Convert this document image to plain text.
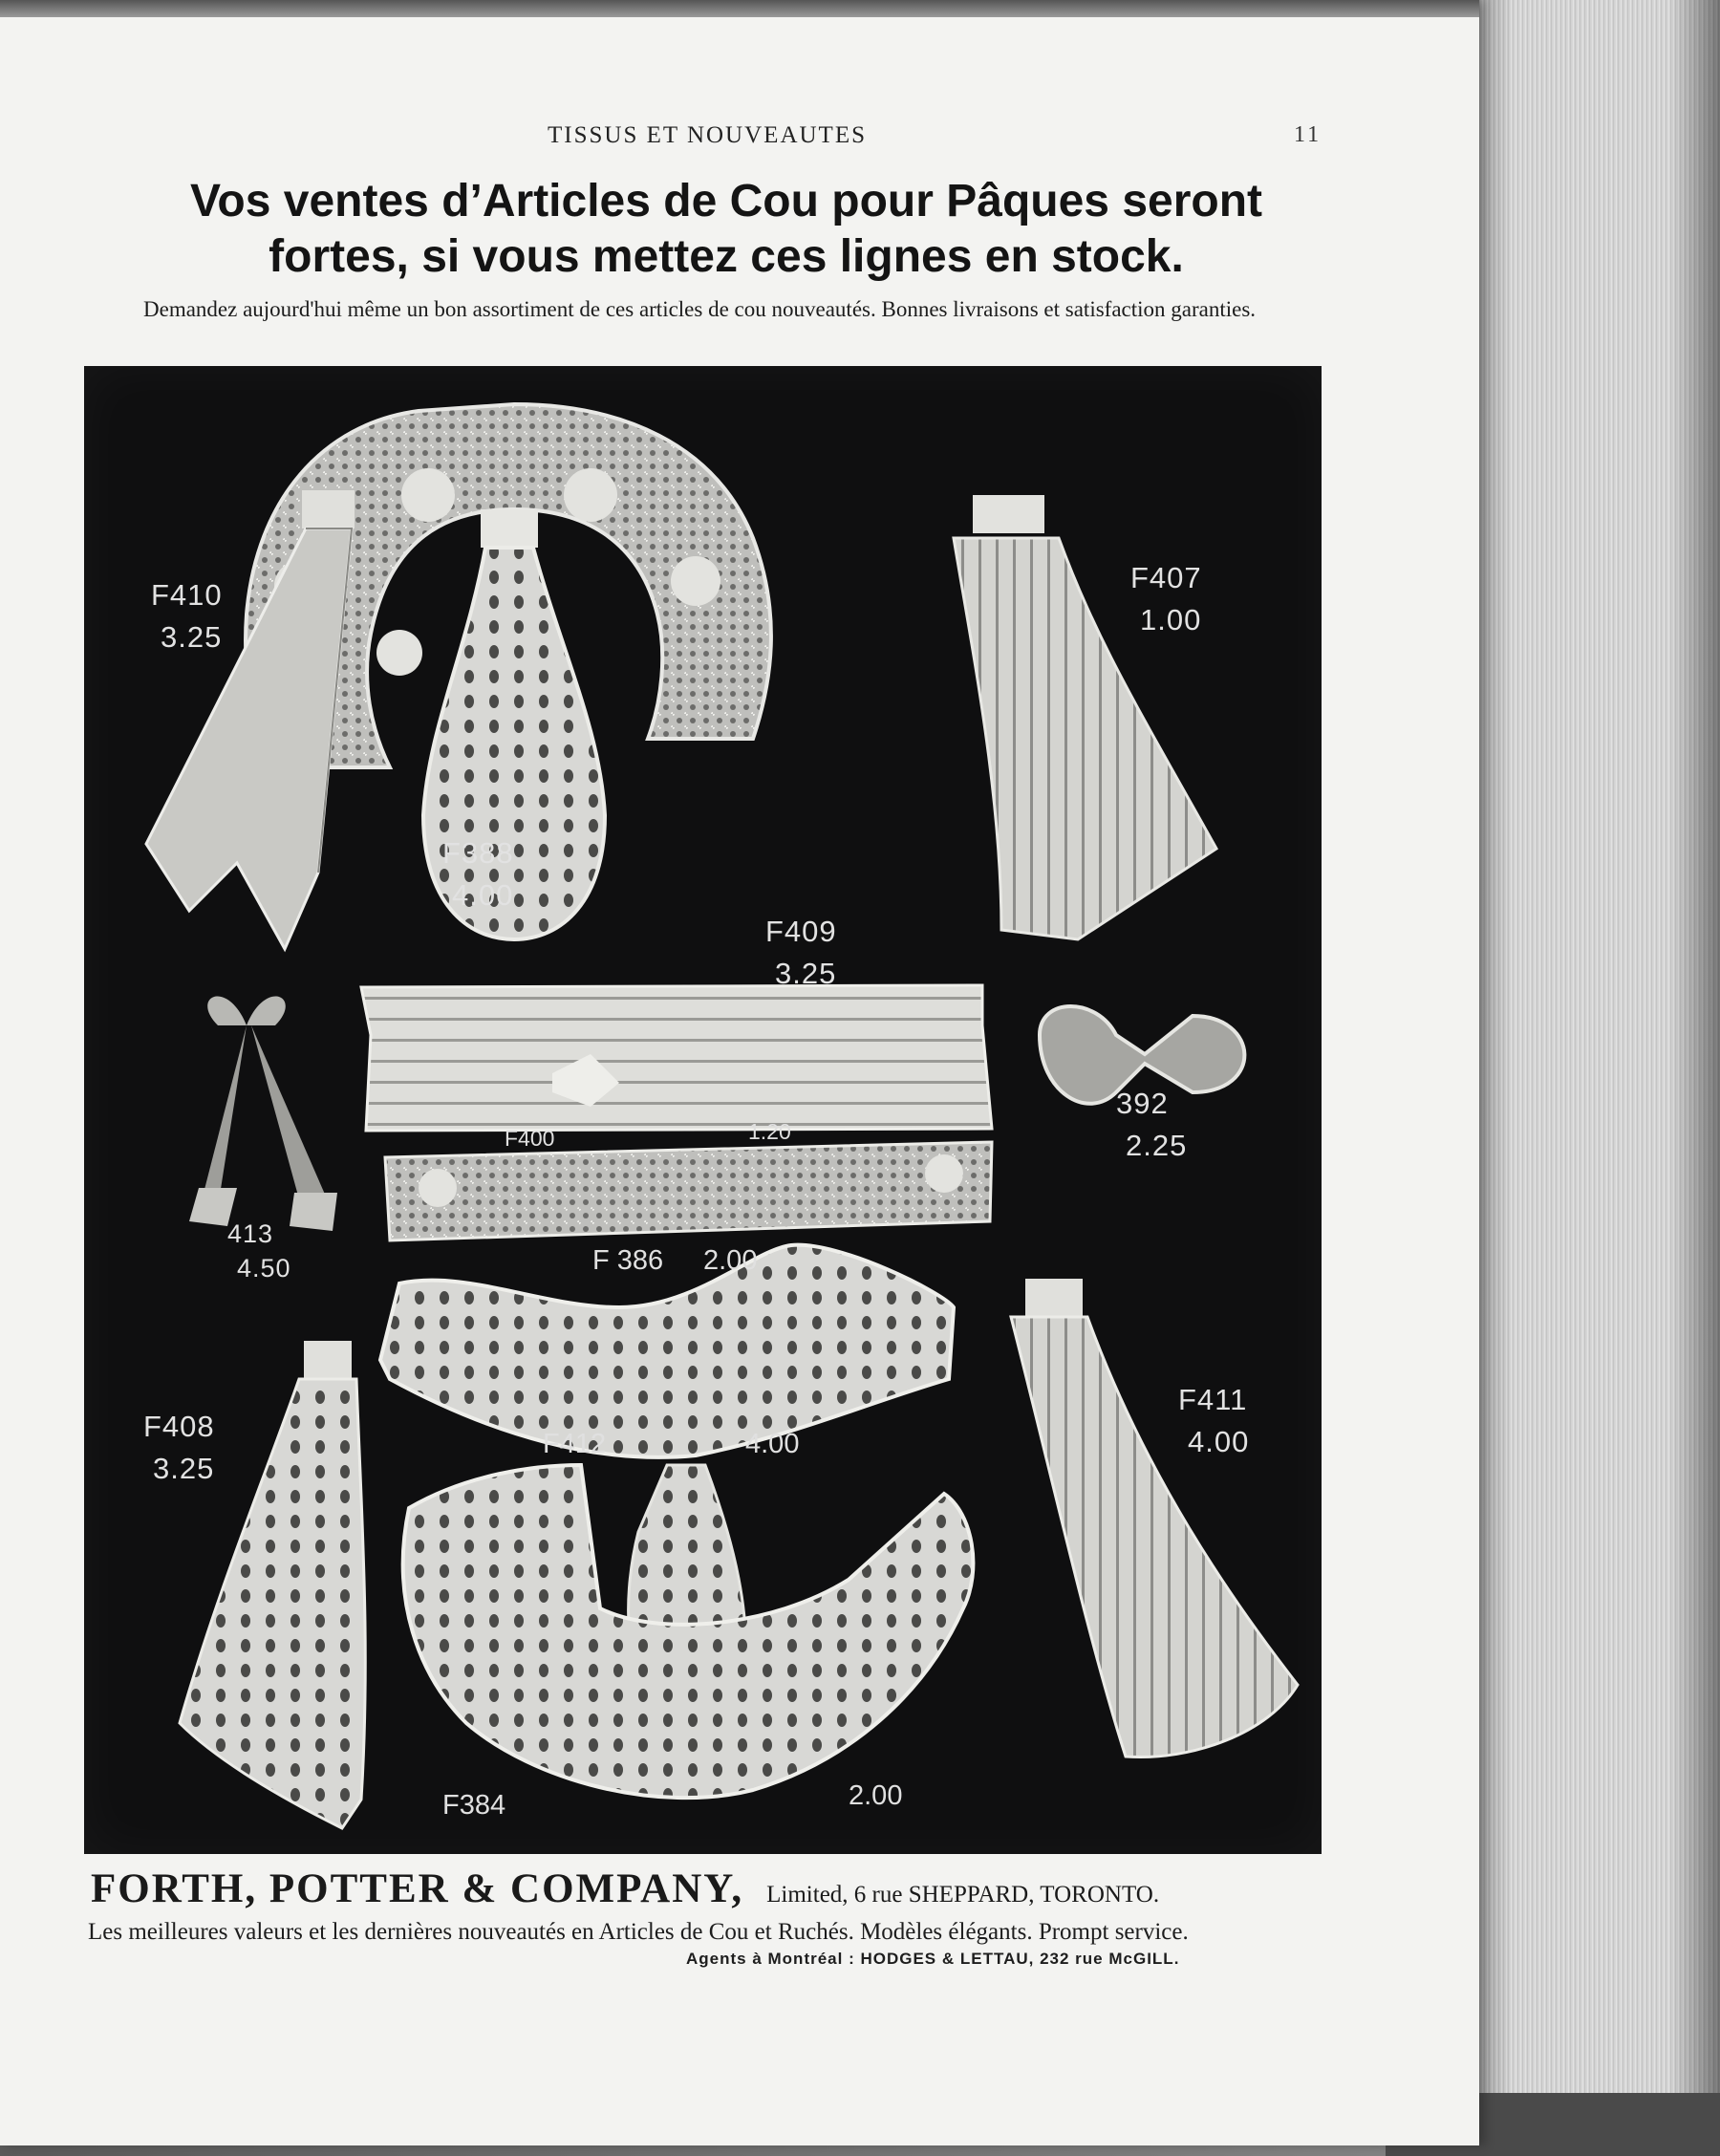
TISSUS ET NOUVEAUTES	11
Vos ventes d’Articles de Cou pour Pâques seront
fortes, si vous mettez ces lignes en stock.
Demandez aujourd'hui même un bon assortiment de ces articles de cou nouveautés. Bonnes livraisons et satisfaction garanties.
F410
3.25
F388
4.00
F407
1.00
F409
3.25
F400	1.20
392
2.25
413
4.50	F 386 2.00
F408
3.25
F412	4.00
F411
4.00
F384	2.00
FORTH, POTTER & COMPANY, Limited, 6 rue SHEPPARD, TORONTO.
Les meilleures valeurs et les dernières nouveautés en Articles de Cou et Ruchés. Modèles élégants. Prompt service.
Agents à Montréal : HODGES & LETTAU, 232 rue McGILL.
